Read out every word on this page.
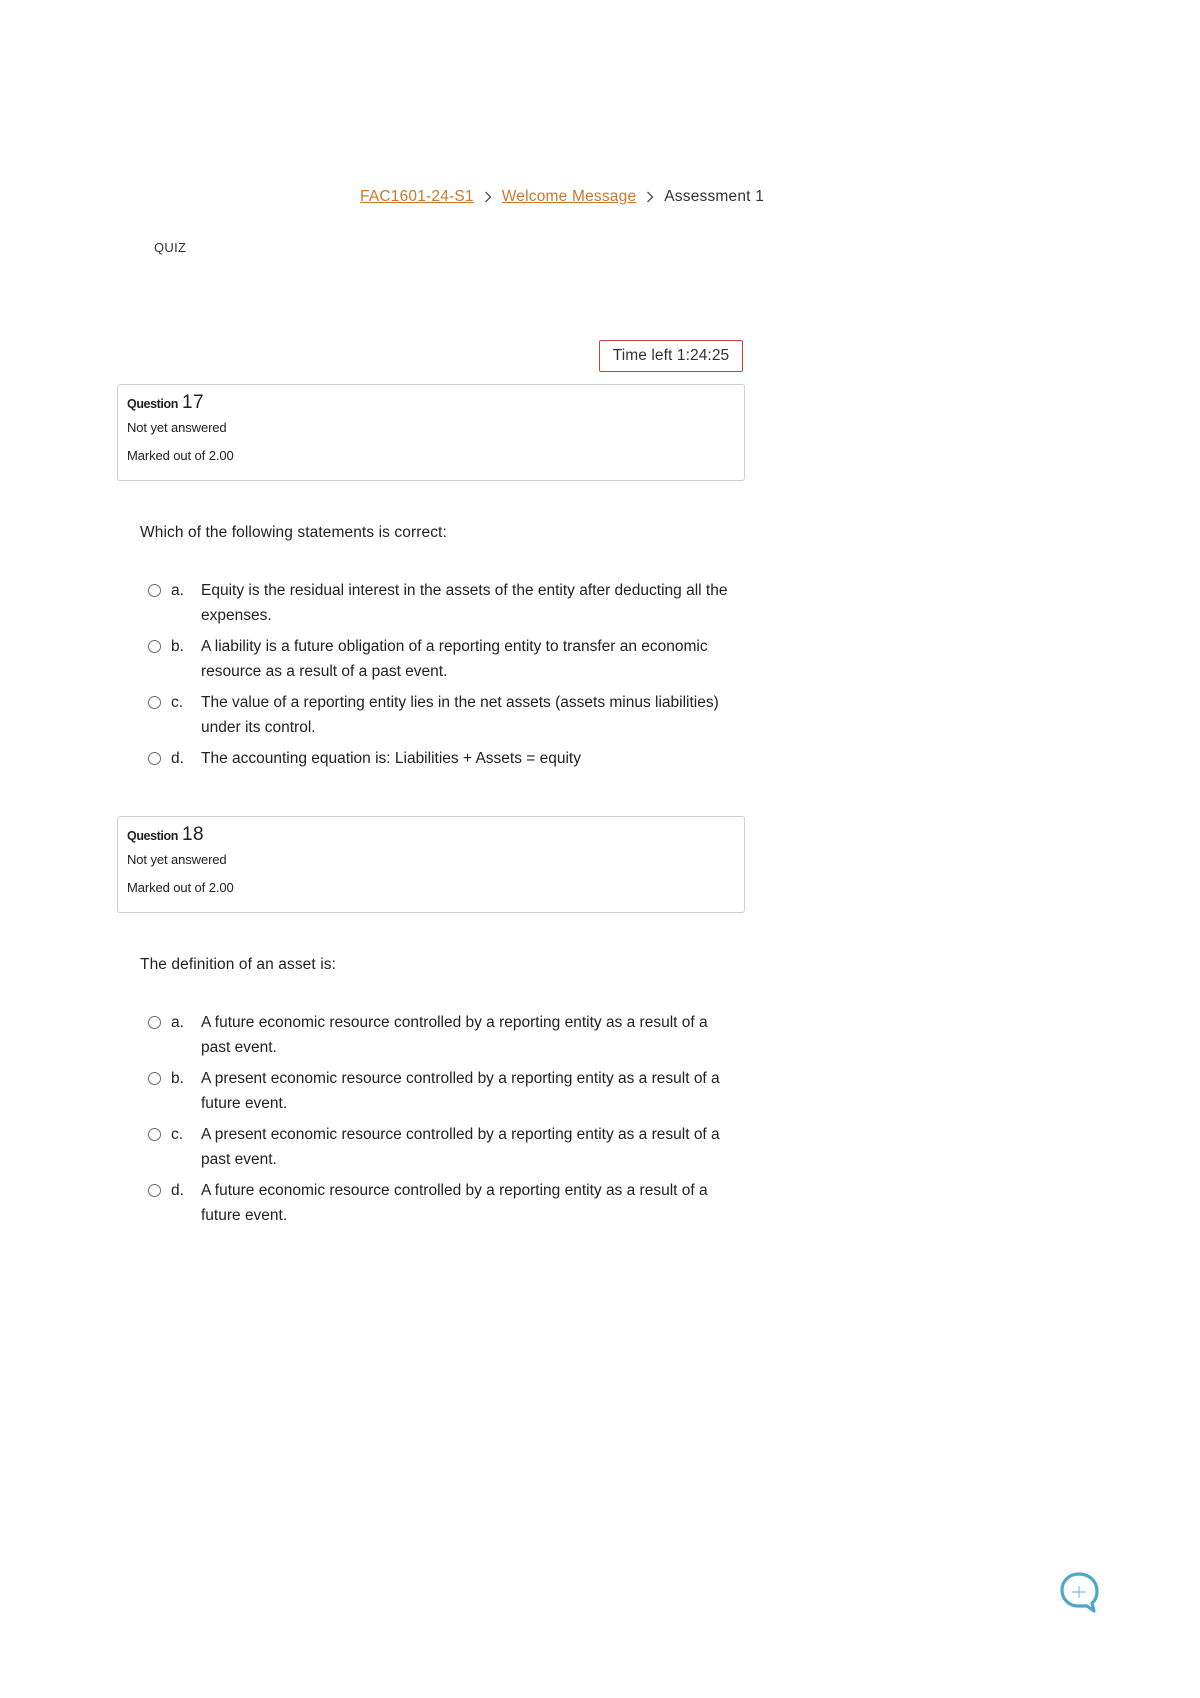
FAC1601-24-S1 Welcome Message Assessment 1
QUIZ
Time left 1:24:25
Question 17
Not yet answered
Marked out of 2.00
Which of the following statements is correct:
a.	Equity is the residual interest in the assets of the entity after deducting all the expenses.
b.	A liability is a future obligation of a reporting entity to transfer an economic resource as a result of a past event.
c.	The value of a reporting entity lies in the net assets (assets minus liabilities) under its control.
d.	The accounting equation is: Liabilities + Assets = equity
Question 18
Not yet answered
Marked out of 2.00
The definition of an asset is:
a.	A future economic resource controlled by a reporting entity as a result of a past event.
b.	A present economic resource controlled by a reporting entity as a result of a future event.
c.	A present economic resource controlled by a reporting entity as a result of a past event.
d.	A future economic resource controlled by a reporting entity as a result of a future event.
